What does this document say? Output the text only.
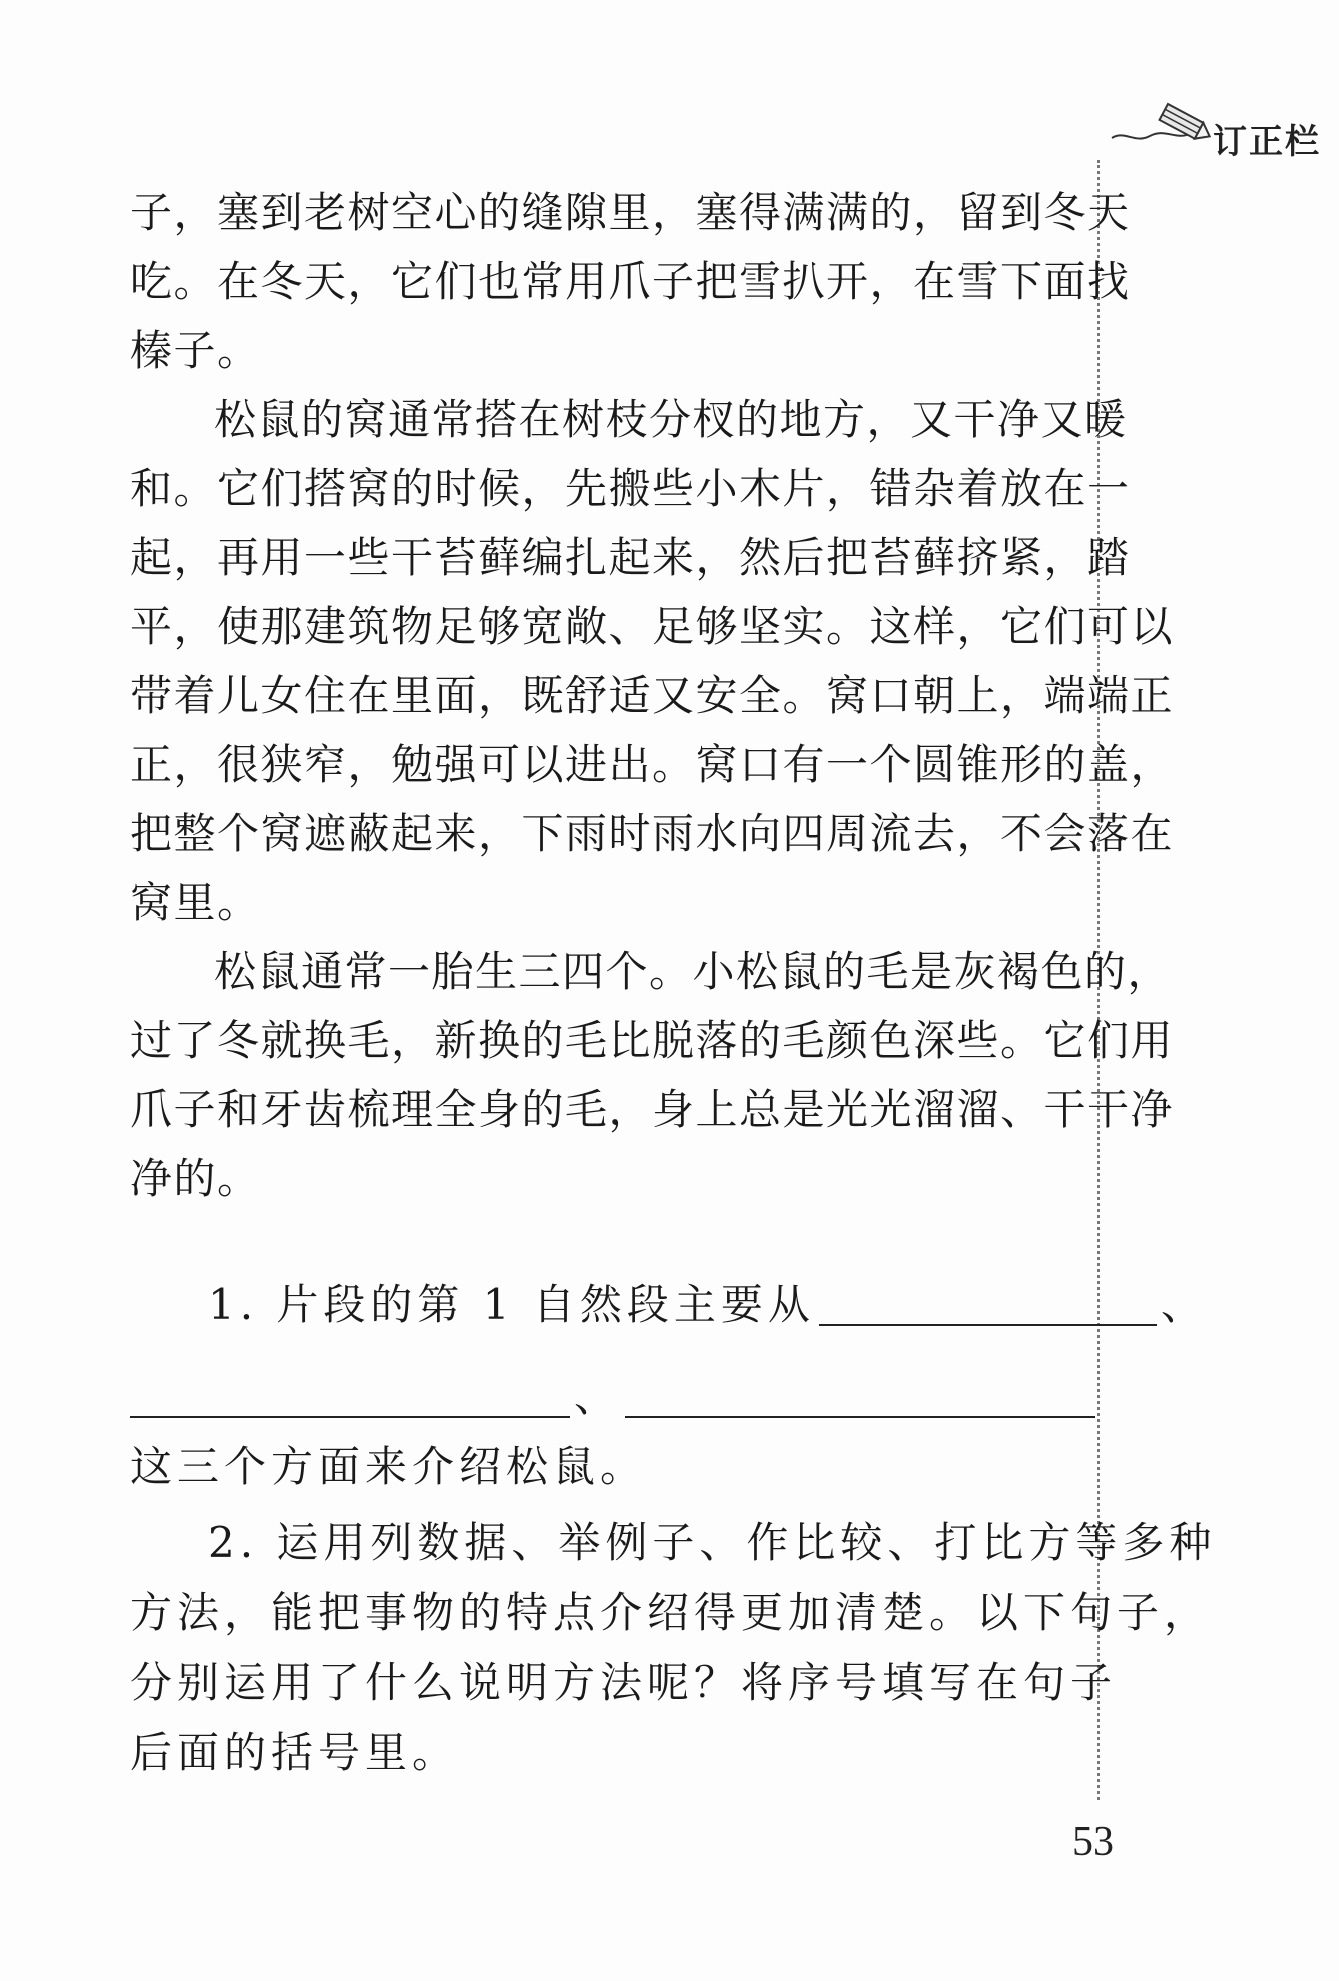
订正栏
子，塞到老树空心的缝隙里，塞得满满的，留到冬天
吃。在冬天，它们也常用爪子把雪扒开，在雪下面找
榛子。
松鼠的窝通常搭在树枝分杈的地方，又干净又暖
和。它们搭窝的时候，先搬些小木片，错杂着放在一
起，再用一些干苔藓编扎起来，然后把苔藓挤紧，踏
平，使那建筑物足够宽敞、足够坚实。这样，它们可以
带着儿女住在里面，既舒适又安全。窝口朝上，端端正
正，很狭窄，勉强可以进出。窝口有一个圆锥形的盖，
把整个窝遮蔽起来，下雨时雨水向四周流去，不会落在
窝里。
松鼠通常一胎生三四个。小松鼠的毛是灰褐色的，
过了冬就换毛，新换的毛比脱落的毛颜色深些。它们用
爪子和牙齿梳理全身的毛，身上总是光光溜溜、干干净
净的。
1. 片段的第 1 自然段主要从	、
、
这三个方面来介绍松鼠。
2. 运用列数据、举例子、作比较、打比方等多种
方法，能把事物的特点介绍得更加清楚。以下句子，
分别运用了什么说明方法呢？将序号填写在句子
后面的括号里。
53
